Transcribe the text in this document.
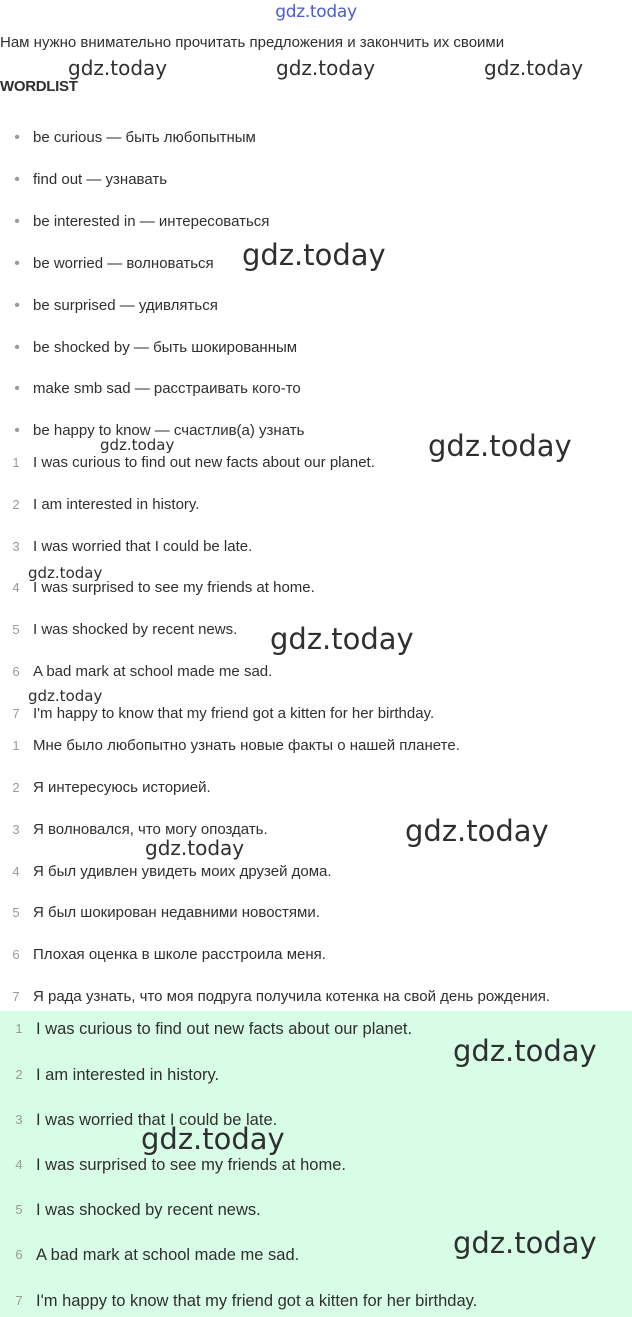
gdz.today
Нам нужно внимательно прочитать предложения и закончить их своими
WORDLIST
• be curious — быть любопытным
• find out — узнавать
• be interested in — интересоваться
• be worried — волноваться
• be surprised — удивляться
• be shocked by — быть шокированным
• make smb sad — расстраивать кого-то
• be happy to know — счастлив(а) узнать
1 I was curious to find out new facts about our planet.
2 I am interested in history.
3 I was worried that I could be late.
4 I was surprised to see my friends at home.
5 I was shocked by recent news.
6 A bad mark at school made me sad.
7 I'm happy to know that my friend got a kitten for her birthday.
1 Мне было любопытно узнать новые факты о нашей планете.
2 Я интересуюсь историей.
3 Я волновался, что могу опоздать.
4 Я был удивлен увидеть моих друзей дома.
5 Я был шокирован недавними новостями.
6 Плохая оценка в школе расстроила меня.
7 Я рада узнать, что моя подруга получила котенка на свой день рождения.
1 I was curious to find out new facts about our planet.
2 I am interested in history.
3 I was worried that I could be late.
4 I was surprised to see my friends at home.
5 I was shocked by recent news.
6 A bad mark at school made me sad.
7 I'm happy to know that my friend got a kitten for her birthday.
gdz.today	gdz.today	gdz.today
gdz.today
gdz.today	gdz.today
gdz.today
gdz.today
gdz.today
gdz.today
gdz.today
gdz.today
gdz.today
gdz.today
